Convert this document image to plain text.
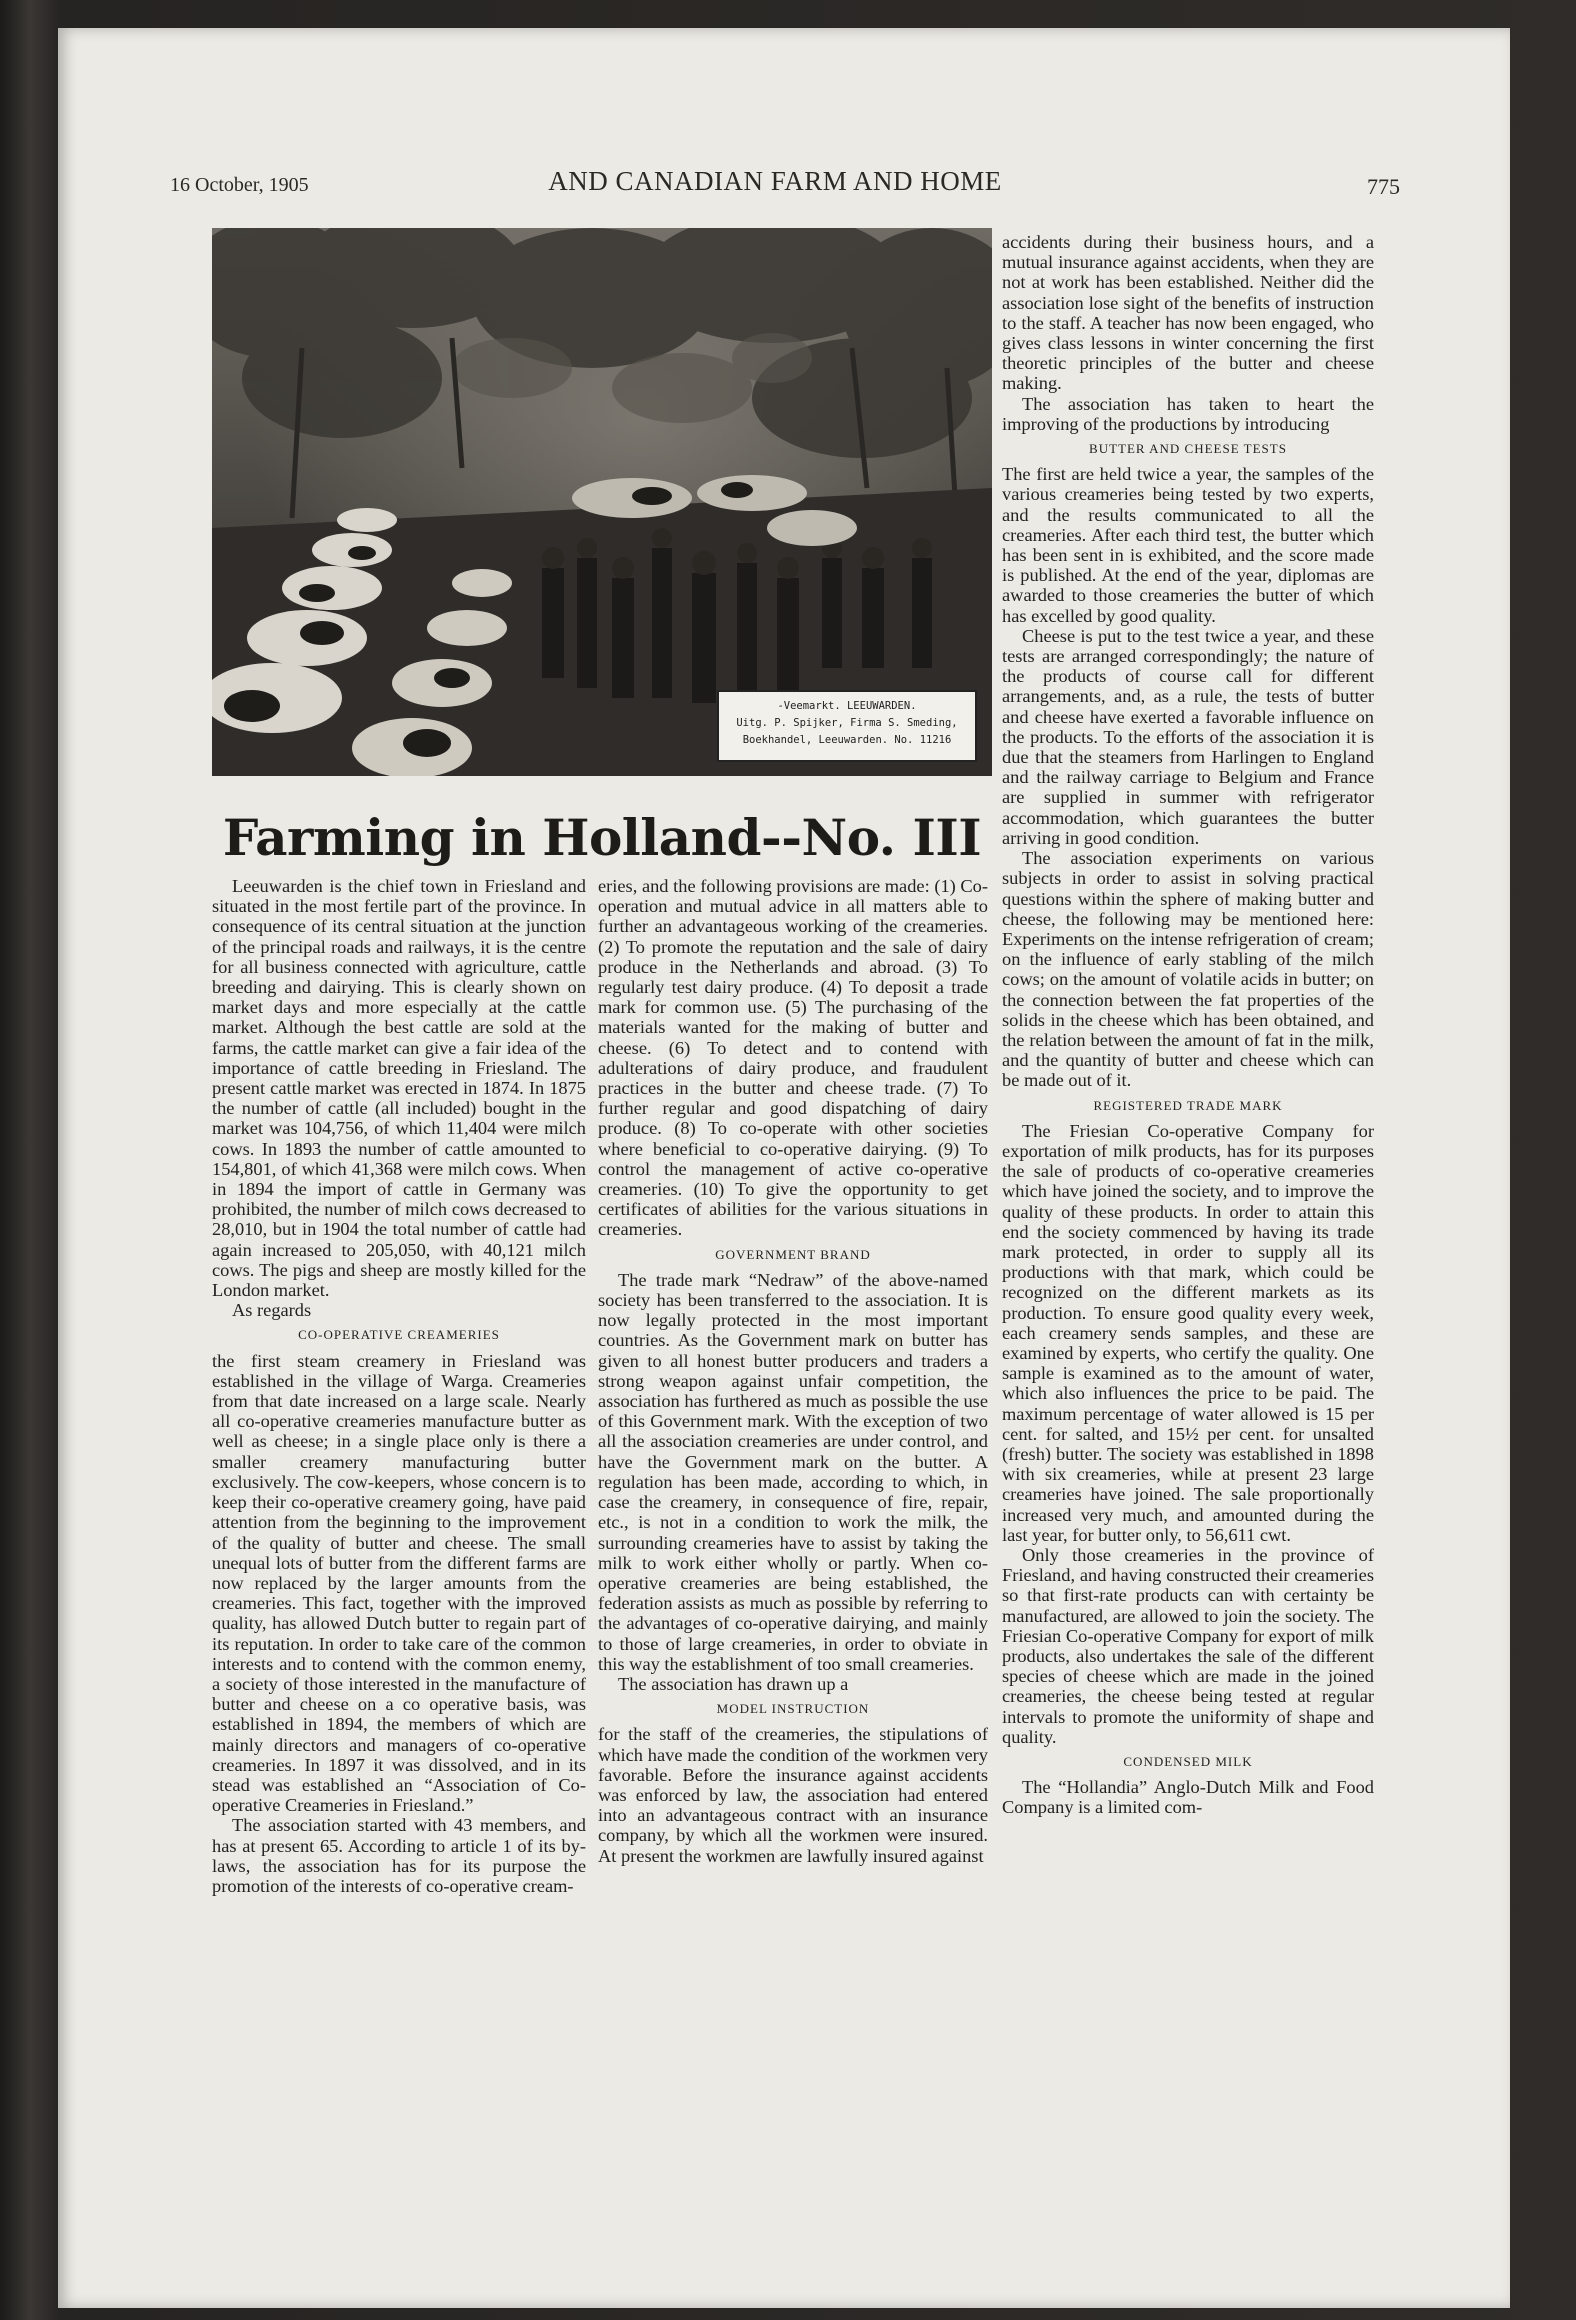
16 October, 1905	AND CANADIAN FARM AND HOME	775
-Veemarkt. LEEUWARDEN.
Uitg. P. Spijker, Firma S. Smeding,
Boekhandel, Leeuwarden. No. 11216
Farming in Holland--No. III

Leeuwarden is the chief town in Friesland and situated in the most fertile part of the province. In consequence of its central situation at the junction of the principal roads and railways, it is the centre for all business connected with agriculture, cattle breeding and dairying. This is clearly shown on market days and more especially at the cattle market. Although the best cattle are sold at the farms, the cattle market can give a fair idea of the importance of cattle breeding in Friesland. The present cattle market was erected in 1874. In 1875 the number of cattle (all included) bought in the market was 104,756, of which 11,404 were milch cows. In 1893 the number of cattle amounted to 154,801, of which 41,368 were milch cows. When in 1894 the import of cattle in Germany was prohibited, the number of milch cows decreased to 28,010, but in 1904 the total number of cattle had again increased to 205,050, with 40,121 milch cows. The pigs and sheep are mostly killed for the London market.

As regards

CO-OPERATIVE CREAMERIES

the first steam creamery in Friesland was established in the village of Warga. Creameries from that date increased on a large scale. Nearly all co-operative creameries manufacture butter as well as cheese; in a single place only is there a smaller creamery manufacturing butter exclusively. The cow-keepers, whose concern is to keep their co-operative creamery going, have paid attention from the beginning to the improvement of the quality of butter and cheese. The small unequal lots of butter from the different farms are now replaced by the larger amounts from the creameries. This fact, together with the improved quality, has allowed Dutch butter to regain part of its reputation. In order to take care of the common interests and to contend with the common enemy, a society of those interested in the manufacture of butter and cheese on a co operative basis, was established in 1894, the members of which are mainly directors and managers of co-operative creameries. In 1897 it was dissolved, and in its stead was established an “Association of Co-operative Creameries in Friesland.”

The association started with 43 members, and has at present 65. According to article 1 of its by-laws, the association has for its purpose the promotion of the interests of co-operative cream-

eries, and the following provisions are made: (1) Co-operation and mutual advice in all matters able to further an advantageous working of the creameries. (2) To promote the reputation and the sale of dairy produce in the Netherlands and abroad. (3) To regularly test dairy produce. (4) To deposit a trade mark for common use. (5) The purchasing of the materials wanted for the making of butter and cheese. (6) To detect and to contend with adulterations of dairy produce, and fraudulent practices in the butter and cheese trade. (7) To further regular and good dispatching of dairy produce. (8) To co-operate with other societies where beneficial to co-operative dairying. (9) To control the management of active co-operative creameries. (10) To give the opportunity to get certificates of abilities for the various situations in creameries.

GOVERNMENT BRAND

The trade mark “Nedraw” of the above-named society has been transferred to the association. It is now legally protected in the most important countries. As the Government mark on butter has given to all honest butter producers and traders a strong weapon against unfair competition, the association has furthered as much as possible the use of this Government mark. With the exception of two all the association creameries are under control, and have the Government mark on the butter. A regulation has been made, according to which, in case the creamery, in consequence of fire, repair, etc., is not in a condition to work the milk, the surrounding creameries have to assist by taking the milk to work either wholly or partly. When co-operative creameries are being established, the federation assists as much as possible by referring to the advantages of co-operative dairying, and mainly to those of large creameries, in order to obviate in this way the establishment of too small creameries.

The association has drawn up a

MODEL INSTRUCTION

for the staff of the creameries, the stipulations of which have made the condition of the workmen very favorable. Before the insurance against accidents was enforced by law, the association had entered into an advantageous contract with an insurance company, by which all the workmen were insured. At present the workmen are lawfully insured against

accidents during their business hours, and a mutual insurance against accidents, when they are not at work has been established. Neither did the association lose sight of the benefits of instruction to the staff. A teacher has now been engaged, who gives class lessons in winter concerning the first theoretic principles of the butter and cheese making.

The association has taken to heart the improving of the productions by introducing

BUTTER AND CHEESE TESTS

The first are held twice a year, the samples of the various creameries being tested by two experts, and the results communicated to all the creameries. After each third test, the butter which has been sent in is exhibited, and the score made is published. At the end of the year, diplomas are awarded to those creameries the butter of which has excelled by good quality.

Cheese is put to the test twice a year, and these tests are arranged correspondingly; the nature of the products of course call for different arrangements, and, as a rule, the tests of butter and cheese have exerted a favorable influence on the products. To the efforts of the association it is due that the steamers from Harlingen to England and the railway carriage to Belgium and France are supplied in summer with refrigerator accommodation, which guarantees the butter arriving in good condition.

The association experiments on various subjects in order to assist in solving practical questions within the sphere of making butter and cheese, the following may be mentioned here: Experiments on the intense refrigeration of cream; on the influence of early stabling of the milch cows; on the amount of volatile acids in butter; on the connection between the fat properties of the solids in the cheese which has been obtained, and the relation between the amount of fat in the milk, and the quantity of butter and cheese which can be made out of it.

REGISTERED TRADE MARK

The Friesian Co-operative Company for exportation of milk products, has for its purposes the sale of products of co-operative creameries which have joined the society, and to improve the quality of these products. In order to attain this end the society commenced by having its trade mark protected, in order to supply all its productions with that mark, which could be recognized on the different markets as its production. To ensure good quality every week, each creamery sends samples, and these are examined by experts, who certify the quality. One sample is examined as to the amount of water, which also influences the price to be paid. The maximum percentage of water allowed is 15 per cent. for salted, and 15½ per cent. for unsalted (fresh) butter. The society was established in 1898 with six creameries, while at present 23 large creameries have joined. The sale proportionally increased very much, and amounted during the last year, for butter only, to 56,611 cwt.

Only those creameries in the province of Friesland, and having constructed their creameries so that first-rate products can with certainty be manufactured, are allowed to join the society. The Friesian Co-operative Company for export of milk products, also undertakes the sale of the different species of cheese which are made in the joined creameries, the cheese being tested at regular intervals to promote the uniformity of shape and quality.

CONDENSED MILK

The “Hollandia” Anglo-Dutch Milk and Food Company is a limited com-
